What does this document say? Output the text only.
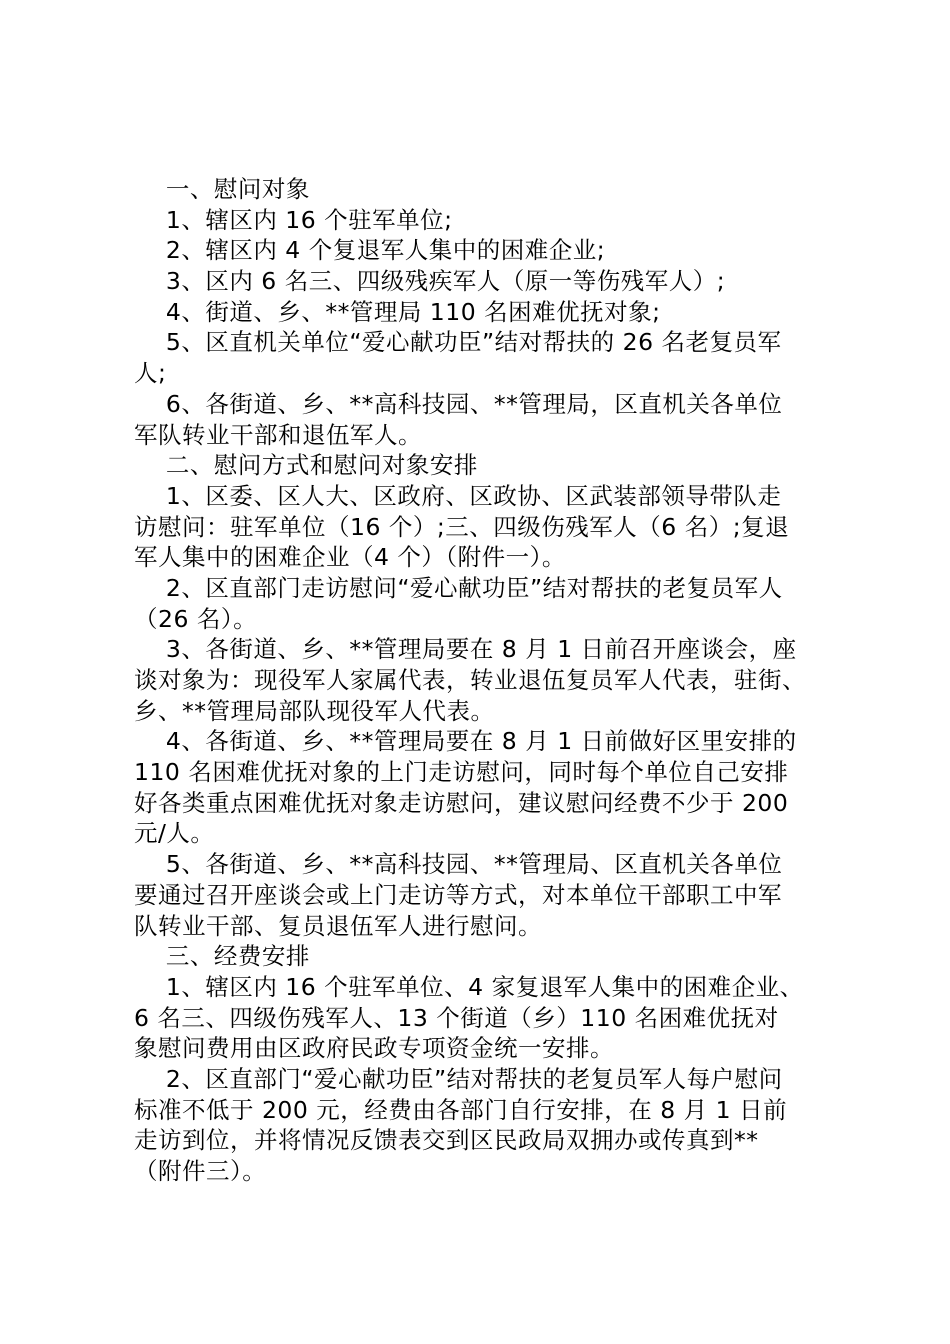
一、慰问对象
1、辖区内 16 个驻军单位;
2、辖区内 4 个复退军人集中的困难企业;
3、区内 6 名三、四级残疾军人（原一等伤残军人）;
4、街道、乡、**管理局 110 名困难优抚对象;
5、区直机关单位“爱心献功臣”结对帮扶的 26 名老复员军
人;
6、各街道、乡、**高科技园、**管理局，区直机关各单位
军队转业干部和退伍军人。
二、慰问方式和慰问对象安排
1、区委、区人大、区政府、区政协、区武装部领导带队走
访慰问：驻军单位（16 个）;三、四级伤残军人（6 名）;复退
军人集中的困难企业（4 个）（附件一）。
2、区直部门走访慰问“爱心献功臣”结对帮扶的老复员军人
（26 名）。
3、各街道、乡、**管理局要在 8 月 1 日前召开座谈会，座
谈对象为：现役军人家属代表，转业退伍复员军人代表，驻街、
乡、**管理局部队现役军人代表。
4、各街道、乡、**管理局要在 8 月 1 日前做好区里安排的
110 名困难优抚对象的上门走访慰问，同时每个单位自己安排
好各类重点困难优抚对象走访慰问，建议慰问经费不少于 200
元/人。
5、各街道、乡、**高科技园、**管理局、区直机关各单位
要通过召开座谈会或上门走访等方式，对本单位干部职工中军
队转业干部、复员退伍军人进行慰问。
三、经费安排
1、辖区内 16 个驻军单位、4 家复退军人集中的困难企业、
6 名三、四级伤残军人、13 个街道（乡）110 名困难优抚对
象慰问费用由区政府民政专项资金统一安排。
2、区直部门“爱心献功臣”结对帮扶的老复员军人每户慰问
标准不低于 200 元，经费由各部门自行安排，在 8 月 1 日前
走访到位，并将情况反馈表交到区民政局双拥办或传真到**
（附件三）。
